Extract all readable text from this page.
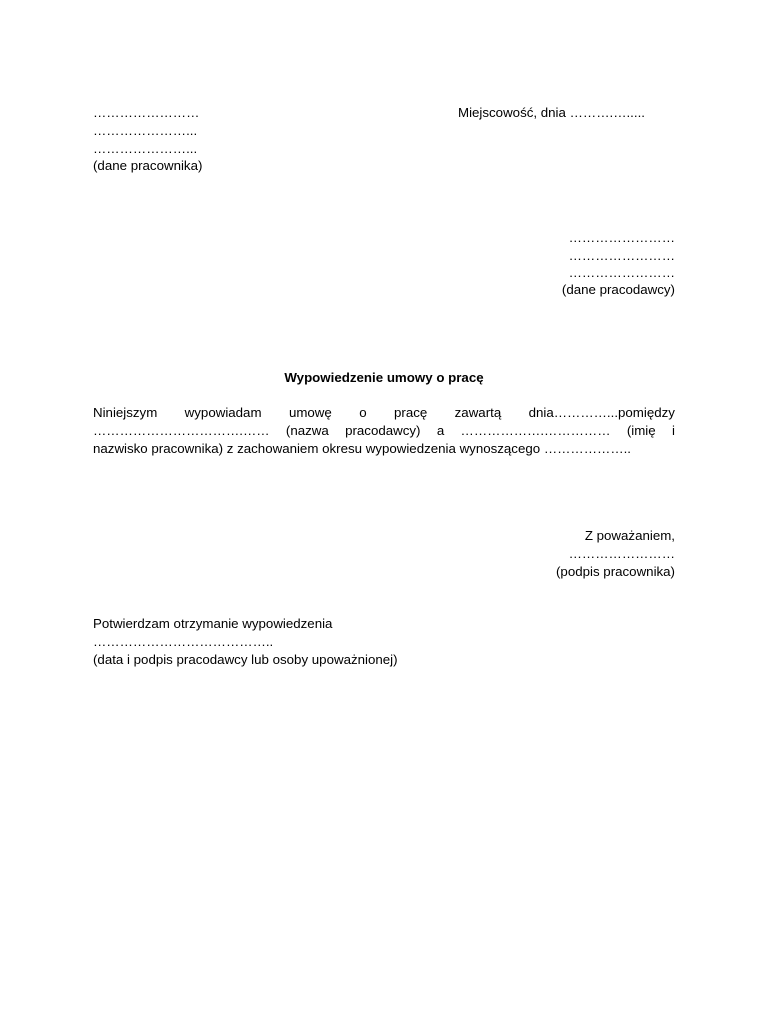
……………………
…………………...
…………………...
(dane pracownika)
Miejscowość, dnia ……….….....
……………………
……………………
……………………
(dane pracodawcy)
Wypowiedzenie umowy o pracę
Niniejszym wypowiadam umowę o pracę zawartą dnia…………...pomiędzy
…………………………….…… (nazwa pracodawcy) a ……………….…………… (imię i
nazwisko pracownika) z zachowaniem okresu wypowiedzenia wynoszącego ………………..
Z poważaniem,
……………………
(podpis pracownika)
Potwierdzam otrzymanie wypowiedzenia
…………………………………..
(data i podpis pracodawcy lub osoby upoważnionej)
